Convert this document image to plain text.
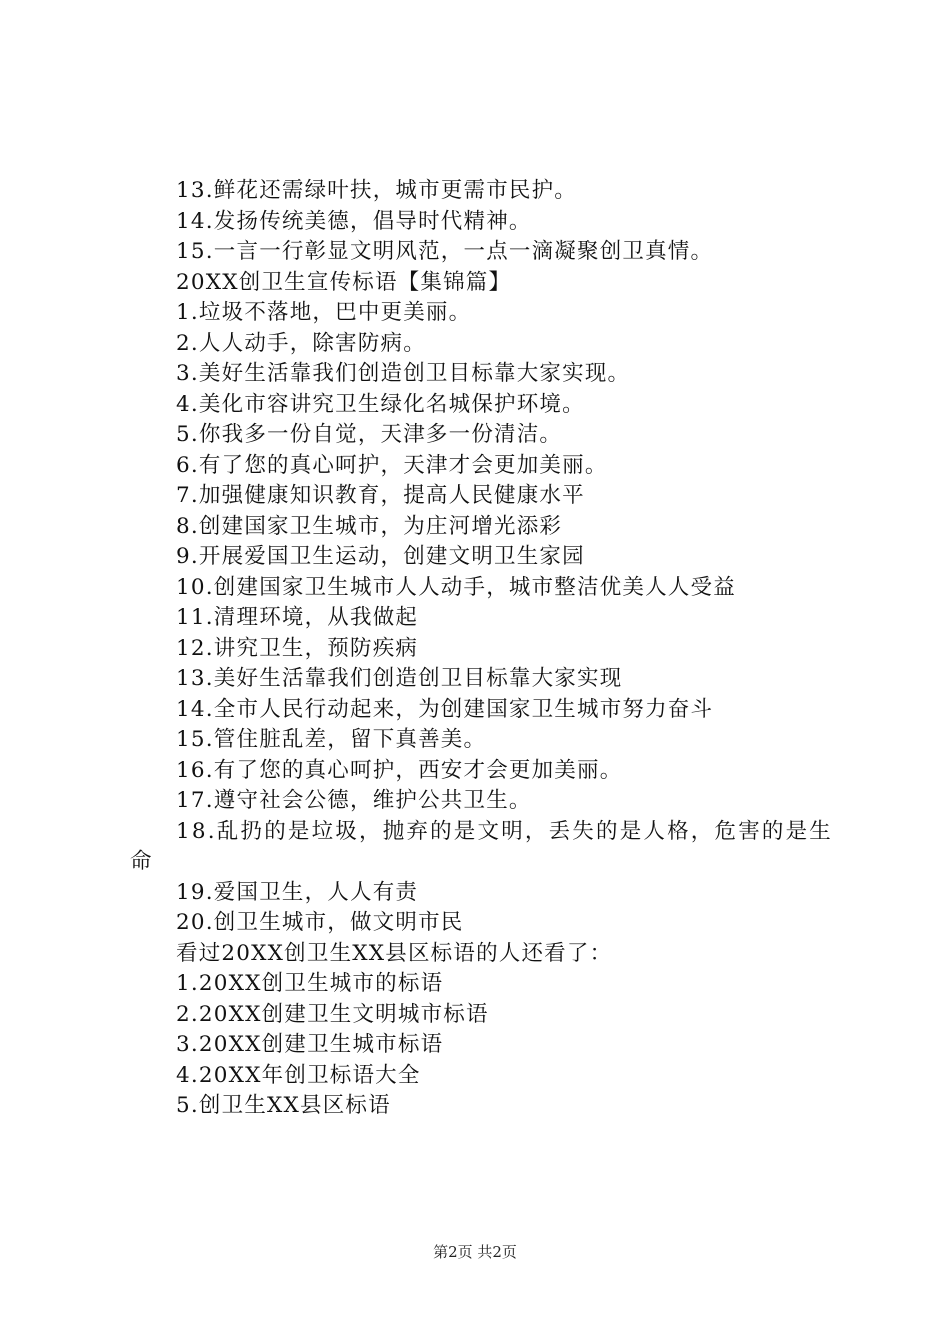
13.鲜花还需绿叶扶，城市更需市民护。
14.发扬传统美德，倡导时代精神。
15.一言一行彰显文明风范，一点一滴凝聚创卫真情。
20XX创卫生宣传标语【集锦篇】
1.垃圾不落地，巴中更美丽。
2.人人动手，除害防病。
3.美好生活靠我们创造创卫目标靠大家实现。
4.美化市容讲究卫生绿化名城保护环境。
5.你我多一份自觉，天津多一份清洁。
6.有了您的真心呵护，天津才会更加美丽。
7.加强健康知识教育，提高人民健康水平
8.创建国家卫生城市，为庄河增光添彩
9.开展爱国卫生运动，创建文明卫生家园
10.创建国家卫生城市人人动手，城市整洁优美人人受益
11.清理环境，从我做起
12.讲究卫生，预防疾病
13.美好生活靠我们创造创卫目标靠大家实现
14.全市人民行动起来，为创建国家卫生城市努力奋斗
15.管住脏乱差，留下真善美。
16.有了您的真心呵护，西安才会更加美丽。
17.遵守社会公德，维护公共卫生。
18.乱扔的是垃圾，抛弃的是文明，丢失的是人格，危害的是生命
19.爱国卫生，人人有责
20.创卫生城市，做文明市民
看过20XX创卫生XX县区标语的人还看了：
1.20XX创卫生城市的标语
2.20XX创建卫生文明城市标语
3.20XX创建卫生城市标语
4.20XX年创卫标语大全
5.创卫生XX县区标语
第2页 共2页
